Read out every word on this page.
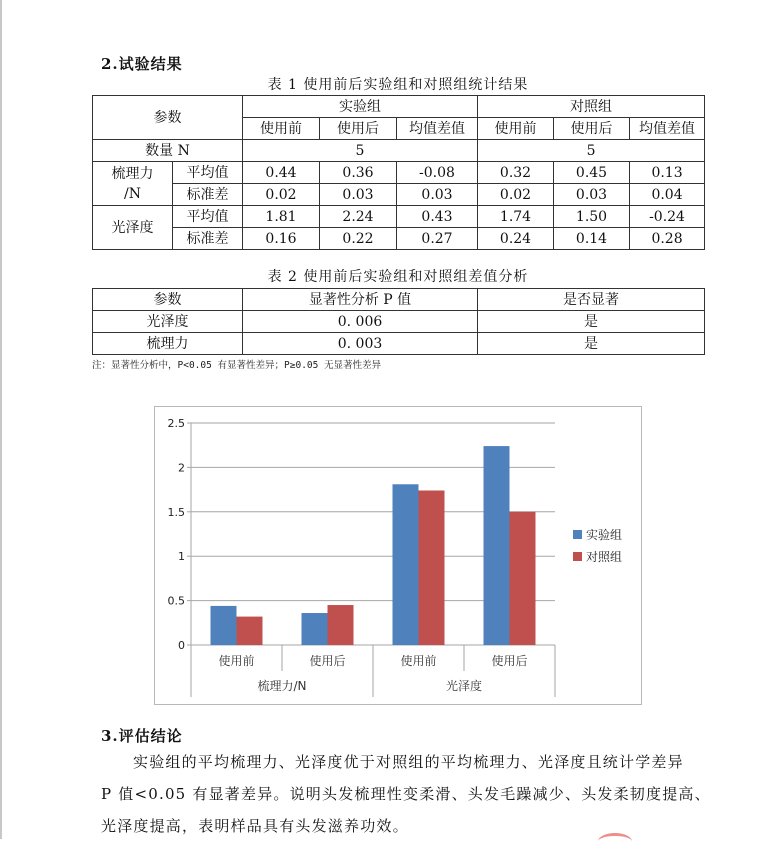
2.试验结果
表 1 使用前后实验组和对照组统计结果
参数		实验组			对照组		
		使用前	使用后	均值差值	使用前	使用后	均值差值
数量 N		5			5		

梳理力
/N	平均值	0.44	0.36	-0.08	0.32	0.45	0.13
	标准差	0.02	0.03	0.03	0.02	0.03	0.04
光泽度	平均值	1.81	2.24	0.43	1.74	1.50	-0.24
	标准差	0.16	0.22	0.27	0.24	0.14	0.28
表 2 使用前后实验组和对照组差值分析
参数	显著性分析 P 值	是否显著
光泽度	0. 006	是
梳理力	0. 003	是
注：显著性分析中，P<0.05 有显著性差异；P≥0.05 无显著性差异
0
0.5
1
1.5
2
2.5
使用前	使用后	使用前	使用后
梳理力/N	光泽度
实验组
对照组
3.评估结论
实验组的平均梳理力、光泽度优于对照组的平均梳理力、光泽度且统计学差异
P 值<0.05 有显著差异。说明头发梳理性变柔滑、头发毛躁减少、头发柔韧度提高、
光泽度提高，表明样品具有头发滋养功效。
